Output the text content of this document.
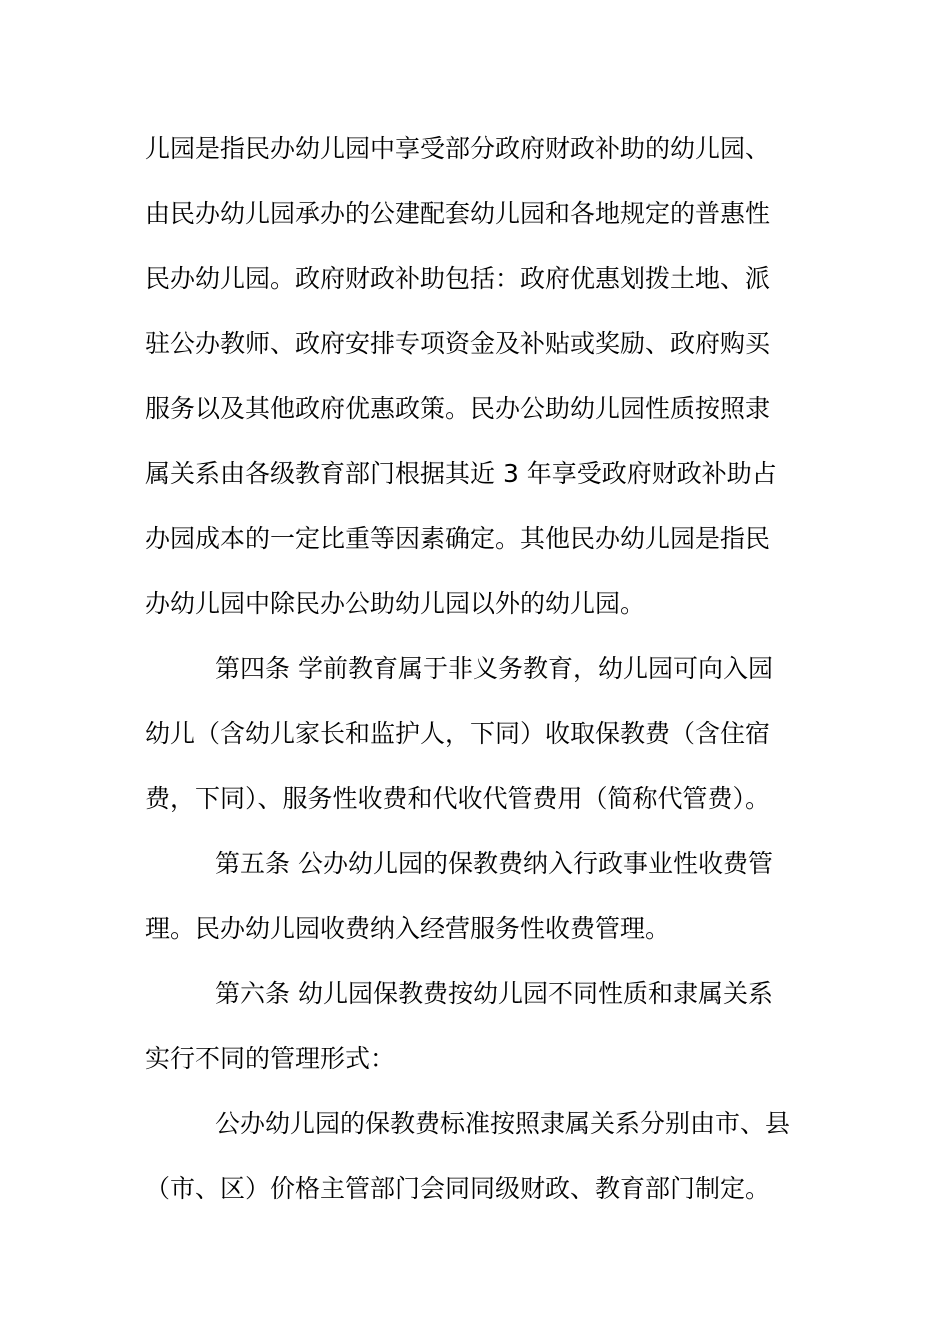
儿园是指民办幼儿园中享受部分政府财政补助的幼儿园、
由民办幼儿园承办的公建配套幼儿园和各地规定的普惠性
民办幼儿园。政府财政补助包括：政府优惠划拨土地、派
驻公办教师、政府安排专项资金及补贴或奖励、政府购买
服务以及其他政府优惠政策。民办公助幼儿园性质按照隶
属关系由各级教育部门根据其近 3 年享受政府财政补助占
办园成本的一定比重等因素确定。其他民办幼儿园是指民
办幼儿园中除民办公助幼儿园以外的幼儿园。
第四条 学前教育属于非义务教育，幼儿园可向入园
幼儿（含幼儿家长和监护人，下同）收取保教费（含住宿
费，下同）、服务性收费和代收代管费用（简称代管费）。
第五条 公办幼儿园的保教费纳入行政事业性收费管
理。民办幼儿园收费纳入经营服务性收费管理。
第六条 幼儿园保教费按幼儿园不同性质和隶属关系
实行不同的管理形式：
公办幼儿园的保教费标准按照隶属关系分别由市、县
（市、区）价格主管部门会同同级财政、教育部门制定。
